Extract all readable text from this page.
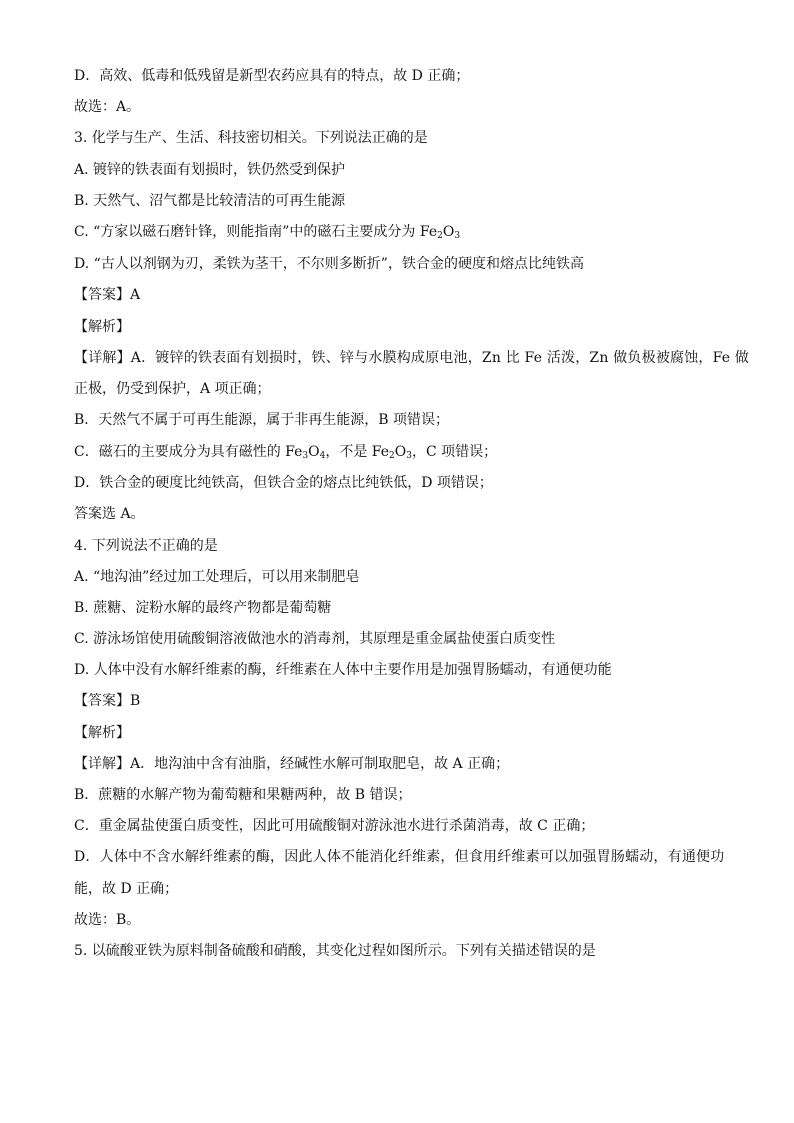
D．高效、低毒和低残留是新型农药应具有的特点，故 D 正确；
故选：A。
3. 化学与生产、生活、科技密切相关。下列说法正确的是
A. 镀锌的铁表面有划损时，铁仍然受到保护
B. 天然气、沼气都是比较清洁的可再生能源
C. “方家以磁石磨针锋，则能指南”中的磁石主要成分为 $Fe_2O_3$
D. “古人以剂钢为刃，柔铁为茎干，不尔则多断折”，铁合金的硬度和熔点比纯铁高
【答案】A
【解析】
【详解】A．镀锌的铁表面有划损时，铁、锌与水膜构成原电池，Zn 比 Fe 活泼，Zn 做负极被腐蚀，Fe 做
正极，仍受到保护，A 项正确；
B．天然气不属于可再生能源，属于非再生能源，B 项错误；
C．磁石的主要成分为具有磁性的 $Fe_3O_4$，不是 $Fe_2O_3$，C 项错误；
D．铁合金的硬度比纯铁高，但铁合金的熔点比纯铁低，D 项错误；
答案选 A。
4. 下列说法不正确的是
A. “地沟油”经过加工处理后，可以用来制肥皂
B. 蔗糖、淀粉水解的最终产物都是葡萄糖
C. 游泳场馆使用硫酸铜溶液做池水的消毒剂，其原理是重金属盐使蛋白质变性
D. 人体中没有水解纤维素的酶，纤维素在人体中主要作用是加强胃肠蠕动，有通便功能
【答案】B
【解析】
【详解】A．地沟油中含有油脂，经碱性水解可制取肥皂，故 A 正确；
B．蔗糖的水解产物为葡萄糖和果糖两种，故 B 错误；
C．重金属盐使蛋白质变性，因此可用硫酸铜对游泳池水进行杀菌消毒，故 C 正确；
D．人体中不含水解纤维素的酶，因此人体不能消化纤维素，但食用纤维素可以加强胃肠蠕动，有通便功
能，故 D 正确；
故选：B。
5. 以硫酸亚铁为原料制备硫酸和硝酸，其变化过程如图所示。下列有关描述错误的是
